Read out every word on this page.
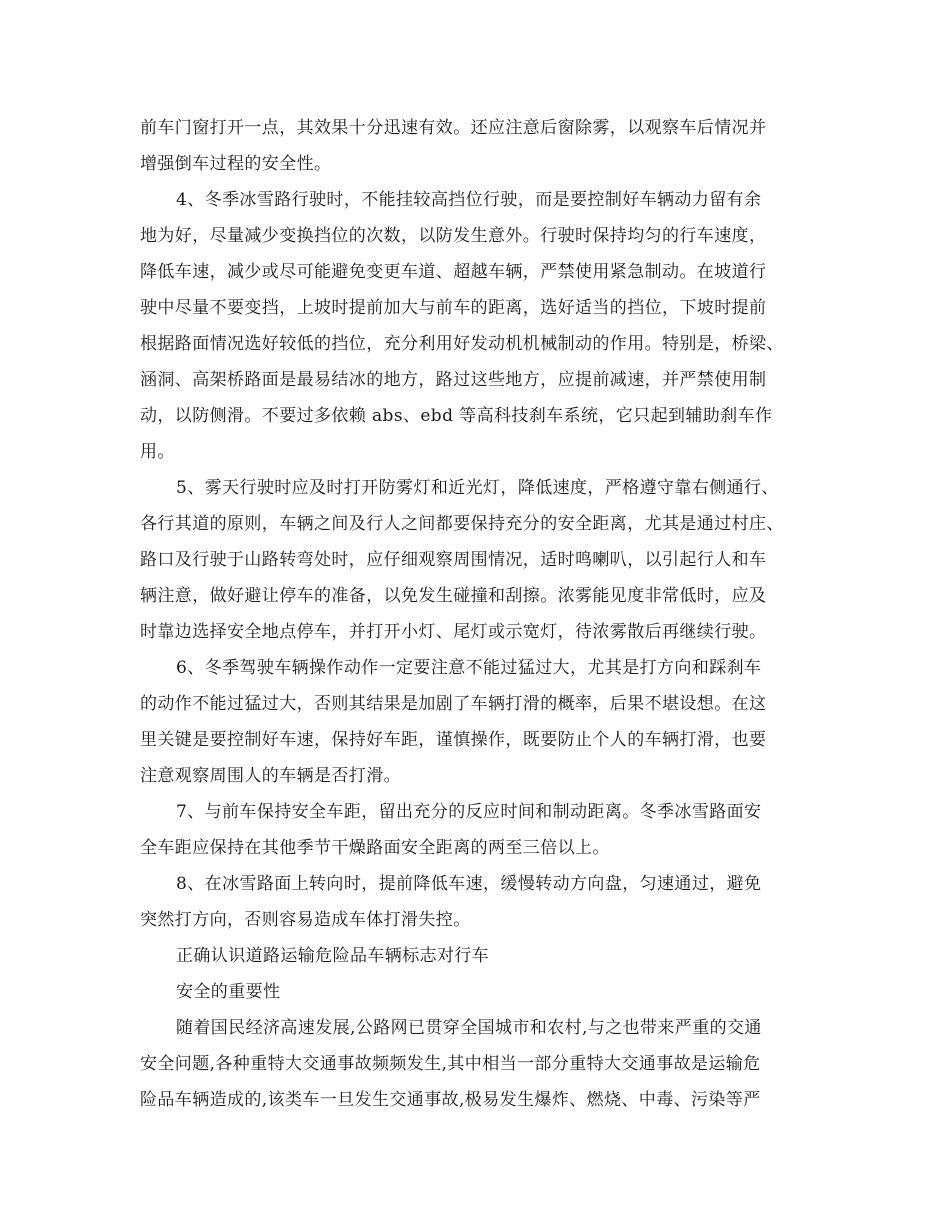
前车门窗打开一点，其效果十分迅速有效。还应注意后窗除雾，以观察车后情况并

增强倒车过程的安全性。

4、冬季冰雪路行驶时，不能挂较高挡位行驶，而是要控制好车辆动力留有余

地为好，尽量减少变换挡位的次数，以防发生意外。行驶时保持均匀的行车速度，

降低车速，减少或尽可能避免变更车道、超越车辆，严禁使用紧急制动。在坡道行

驶中尽量不要变挡，上坡时提前加大与前车的距离，选好适当的挡位，下坡时提前

根据路面情况选好较低的挡位，充分利用好发动机机械制动的作用。特别是，桥梁、

涵洞、高架桥路面是最易结冰的地方，路过这些地方，应提前减速，并严禁使用制

动，以防侧滑。不要过多依赖 abs、ebd 等高科技刹车系统，它只起到辅助刹车作

用。

5、雾天行驶时应及时打开防雾灯和近光灯，降低速度，严格遵守靠右侧通行、

各行其道的原则，车辆之间及行人之间都要保持充分的安全距离，尤其是通过村庄、

路口及行驶于山路转弯处时，应仔细观察周围情况，适时鸣喇叭，以引起行人和车

辆注意，做好避让停车的准备，以免发生碰撞和刮擦。浓雾能见度非常低时，应及

时靠边选择安全地点停车，并打开小灯、尾灯或示宽灯，待浓雾散后再继续行驶。

6、冬季驾驶车辆操作动作一定要注意不能过猛过大，尤其是打方向和踩刹车

的动作不能过猛过大，否则其结果是加剧了车辆打滑的概率，后果不堪设想。在这

里关键是要控制好车速，保持好车距，谨慎操作，既要防止个人的车辆打滑，也要

注意观察周围人的车辆是否打滑。

7、与前车保持安全车距，留出充分的反应时间和制动距离。冬季冰雪路面安

全车距应保持在其他季节干燥路面安全距离的两至三倍以上。

8、在冰雪路面上转向时，提前降低车速，缓慢转动方向盘，匀速通过，避免

突然打方向，否则容易造成车体打滑失控。

正确认识道路运输危险品车辆标志对行车

安全的重要性

随着国民经济高速发展,公路网已贯穿全国城市和农村,与之也带来严重的交通

安全问题,各种重特大交通事故频频发生,其中相当一部分重特大交通事故是运输危

险品车辆造成的,该类车一旦发生交通事故,极易发生爆炸、燃烧、中毒、污染等严
